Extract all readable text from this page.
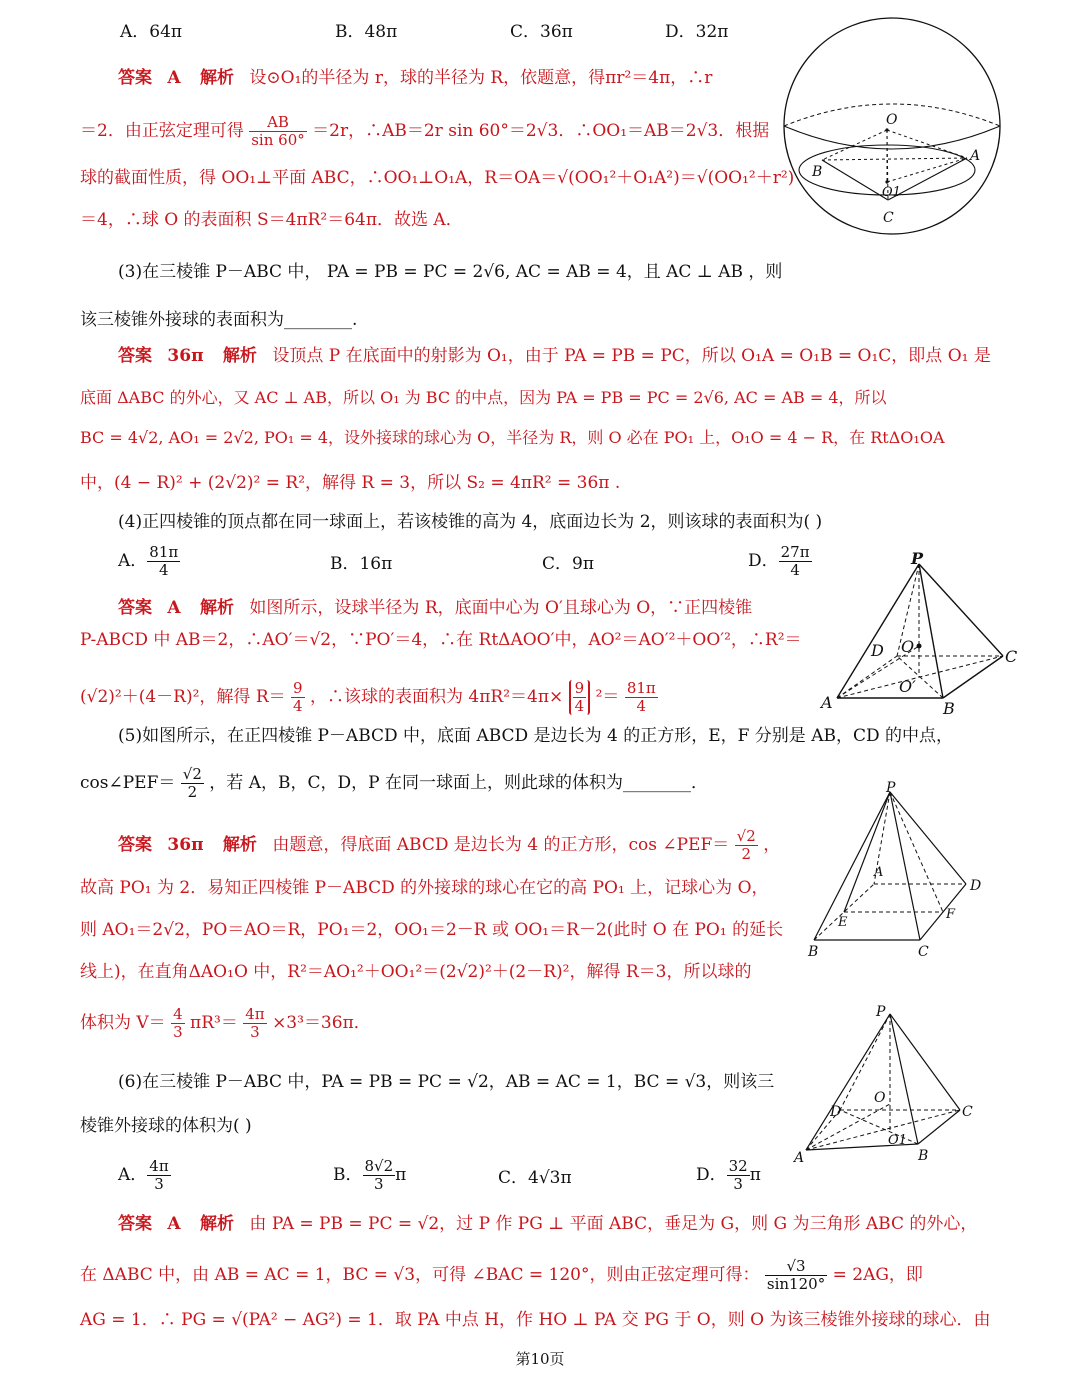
A．64π	B．48π	C．36π	D．32π
答案 A 解析 设⊙O₁的半径为 r，球的半径为 R，依题意，得πr²＝4π，∴r
＝2．由正弦定理可得 $\frac{AB}{\sin 60^\circ} =2r$，∴AB＝2r sin 60°＝2√3．∴OO₁＝AB＝2√3．根据
球的截面性质，得 OO₁⊥平面 ABC，∴OO₁⊥O₁A，R＝OA＝√(OO₁²＋O₁A²)＝√(OO₁²＋r²)
＝4，∴球 O 的表面积 S＝4πR²＝64π．故选 A．
O
A
B
O1
C
(3)在三棱锥 P－ABC 中， PA = PB = PC = 2√6, AC = AB = 4，且 AC ⊥ AB ，则
该三棱锥外接球的表面积为________.
答案 36π 解析 设顶点 P 在底面中的射影为 O₁，由于 PA = PB = PC，所以 O₁A = O₁B = O₁C，即点 O₁ 是
底面 ΔABC 的外心，又 AC ⊥ AB，所以 O₁ 为 BC 的中点，因为 PA = PB = PC = 2√6, AC = AB = 4，所以
BC = 4√2, AO₁ = 2√2, PO₁ = 4，设外接球的球心为 O，半径为 R，则 O 必在 PO₁ 上，O₁O = 4 − R，在 RtΔO₁OA
中，(4 − R)² + (2√2)² = R²，解得 R = 3，所以 S₂ = 4πR² = 36π .
(4)正四棱锥的顶点都在同一球面上，若该棱锥的高为 4，底面边长为 2，则该球的表面积为( )
A． $\frac{81\pi}{4}$	B．16π	C．9π	D． $\frac{27\pi}{4}$
答案 A 解析 如图所示，设球半径为 R，底面中心为 O′且球心为 O，∵正四棱锥
P-ABCD 中 AB＝2，∴AO′＝√2，∵PO′＝4，∴在 RtΔAOO′中，AO²＝AO′²＋OO′²，∴R²＝
(√2)²＋(4－R)²，解得 $R= \frac{9}{4}$ ，∴该球的表面积为 $4\pi R^2=4\pi\times \frac{9}{4} ^2= \frac{81\pi}{4}$
P
D O
C
O′
A	B
(5)如图所示，在正四棱锥 P－ABCD 中，底面 ABCD 是边长为 4 的正方形，E，F 分别是 AB，CD 的中点，
cos∠PEF＝ $\frac{√2}{2}$ ，若 A，B，C，D，P 在同一球面上，则此球的体积为________．
答案 36π 解析 由题意，得底面 ABCD 是边长为 4 的正方形，cos ∠PEF＝ $\frac{√2}{2}$ ，
故高 PO₁ 为 2．易知正四棱锥 P－ABCD 的外接球的球心在它的高 PO₁ 上，记球心为 O，
则 AO₁＝2√2，PO＝AO＝R，PO₁＝2，OO₁＝2－R 或 OO₁＝R－2(此时 O 在 PO₁ 的延长
线上)，在直角ΔAO₁O 中，R²＝AO₁²＋OO₁²＝(2√2)²＋(2－R)²，解得 R＝3，所以球的
体积为 $V= \frac{4}{3} \pi R^3= \frac{4\pi}{3} \times 3^3=36\pi$．
P
A
D
E
F
B	C
(6)在三棱锥 P－ABC 中，PA = PB = PC = √2，AB = AC = 1，BC = √3，则该三
棱锥外接球的体积为( )
A． $\frac{4\pi}{3}$	B． $\frac{8√2}{3}$ π	C．4√3π	D． $\frac{32}{3}$ π
答案 A 解析 由 PA = PB = PC = √2，过 P 作 PG ⊥ 平面 ABC，垂足为 G，则 G 为三角形 ABC 的外心，
在 ΔABC 中，由 AB = AC = 1，BC = √3，可得 ∠BAC = 120°，则由正弦定理可得： $\frac{√3}{\sin 120^\circ} = 2AG$，即
AG = 1．∴ PG = √(PA² − AG²) = 1．取 PA 中点 H，作 HO ⊥ PA 交 PG 于 O，则 O 为该三棱锥外接球的球心．由
P
O
D	C
O1
A	B
第10页
